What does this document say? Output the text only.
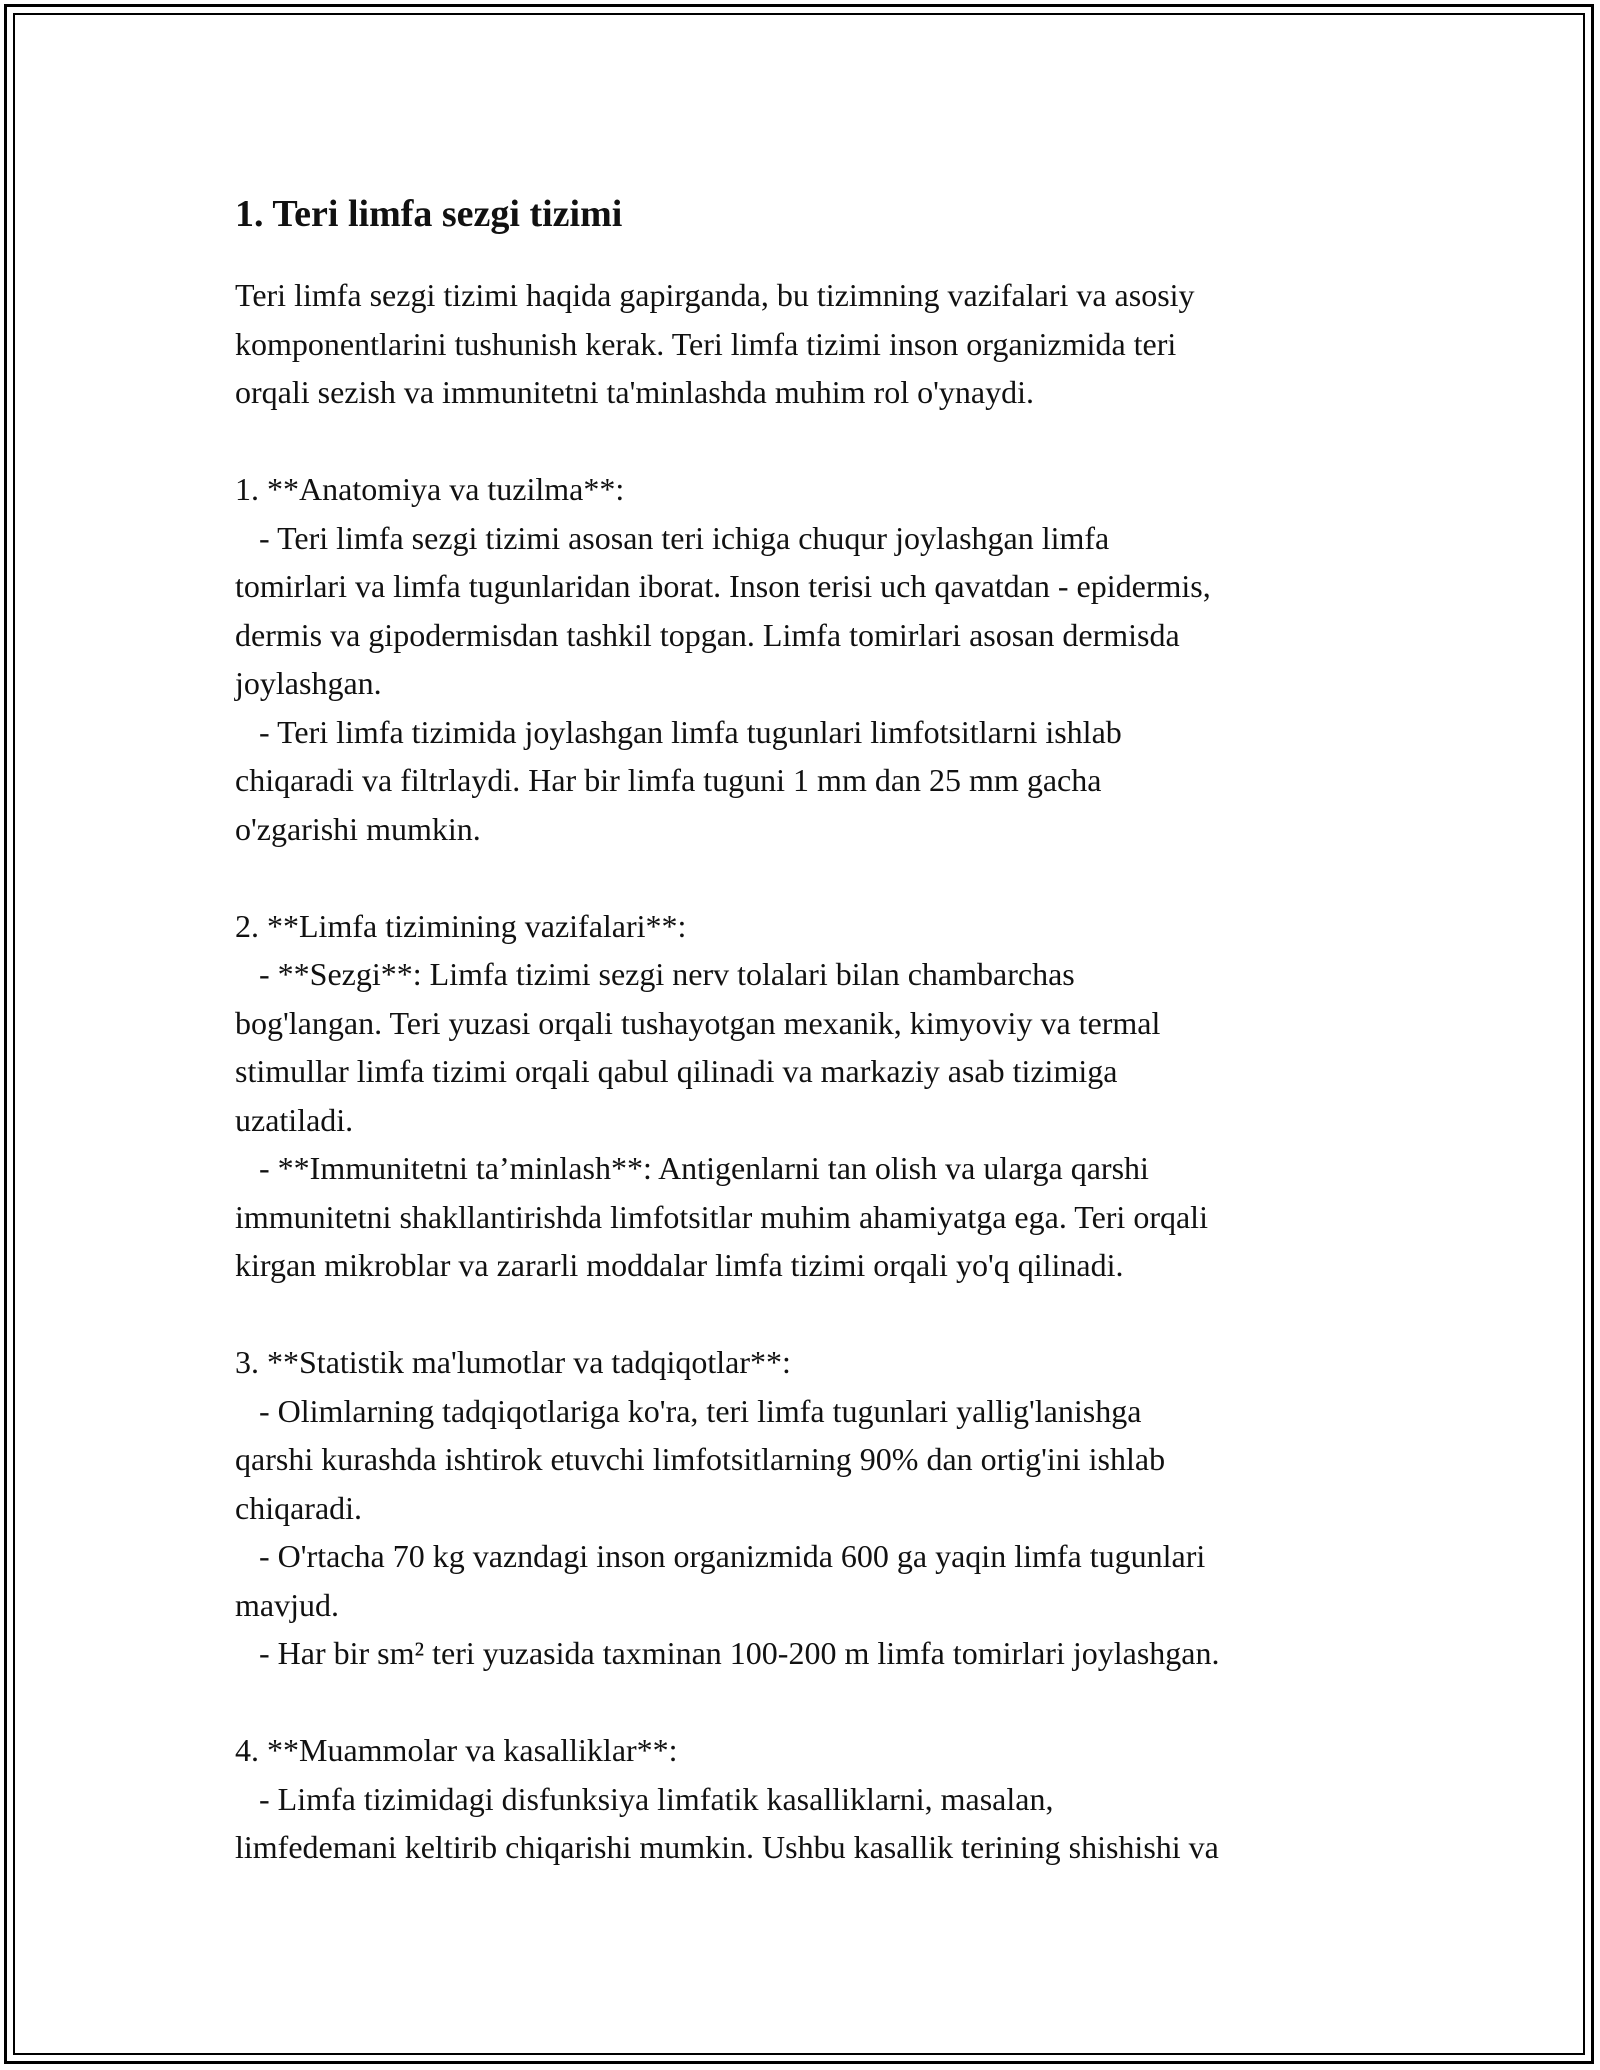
1. Teri limfa sezgi tizimi

Teri limfa sezgi tizimi haqida gapirganda, bu tizimning vazifalari va asosiy
komponentlarini tushunish kerak. Teri limfa tizimi inson organizmida teri
orqali sezish va immunitetni ta'minlashda muhim rol o'ynaydi.

1. **Anatomiya va tuzilma**:

- Teri limfa sezgi tizimi asosan teri ichiga chuqur joylashgan limfa
tomirlari va limfa tugunlaridan iborat. Inson terisi uch qavatdan - epidermis,
dermis va gipodermisdan tashkil topgan. Limfa tomirlari asosan dermisda
joylashgan.

- Teri limfa tizimida joylashgan limfa tugunlari limfotsitlarni ishlab
chiqaradi va filtrlaydi. Har bir limfa tuguni 1 mm dan 25 mm gacha
o'zgarishi mumkin.

2. **Limfa tizimining vazifalari**:

- **Sezgi**: Limfa tizimi sezgi nerv tolalari bilan chambarchas
bog'langan. Teri yuzasi orqali tushayotgan mexanik, kimyoviy va termal
stimullar limfa tizimi orqali qabul qilinadi va markaziy asab tizimiga
uzatiladi.

- **Immunitetni ta’minlash**: Antigenlarni tan olish va ularga qarshi
immunitetni shakllantirishda limfotsitlar muhim ahamiyatga ega. Teri orqali
kirgan mikroblar va zararli moddalar limfa tizimi orqali yo'q qilinadi.

3. **Statistik ma'lumotlar va tadqiqotlar**:

- Olimlarning tadqiqotlariga ko'ra, teri limfa tugunlari yallig'lanishga
qarshi kurashda ishtirok etuvchi limfotsitlarning 90% dan ortig'ini ishlab
chiqaradi.

- O'rtacha 70 kg vazndagi inson organizmida 600 ga yaqin limfa tugunlari
mavjud.

- Har bir sm² teri yuzasida taxminan 100-200 m limfa tomirlari joylashgan.

4. **Muammolar va kasalliklar**:

- Limfa tizimidagi disfunksiya limfatik kasalliklarni, masalan,
limfedemani keltirib chiqarishi mumkin. Ushbu kasallik terining shishishi va
